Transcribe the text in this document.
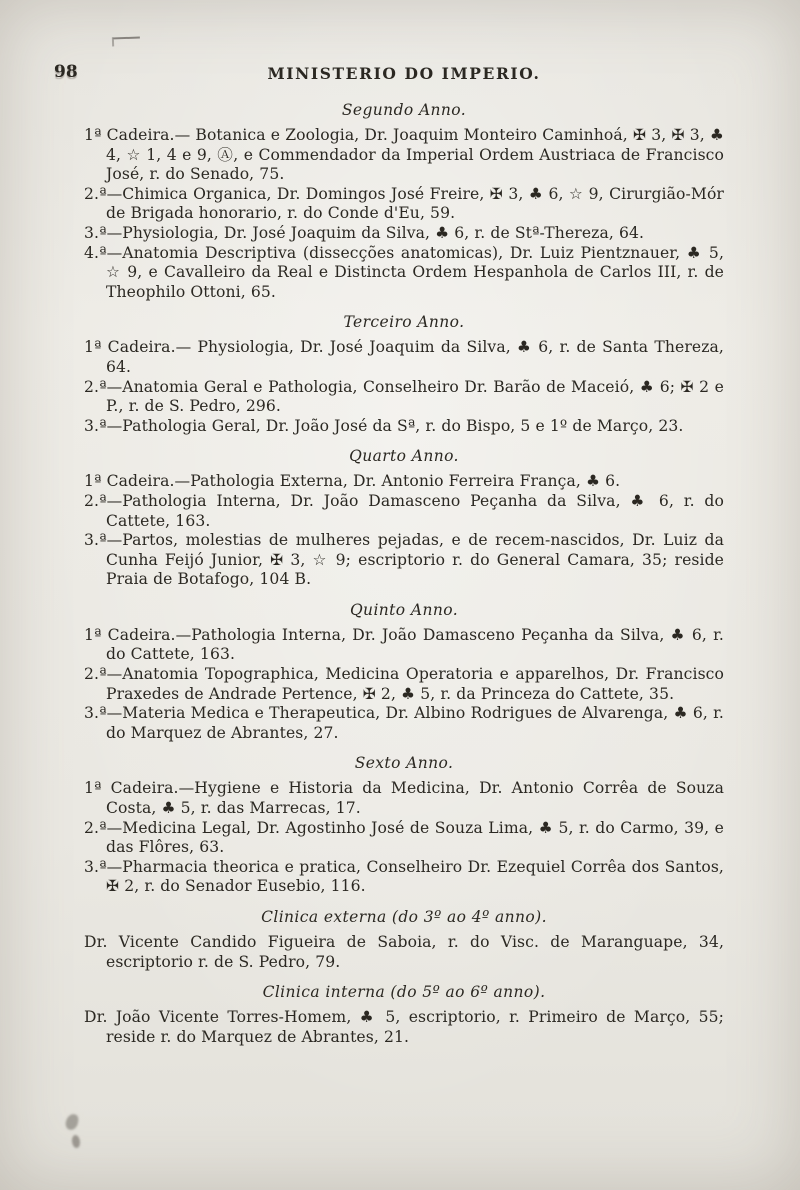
98	MINISTERIO DO IMPERIO.
Segundo Anno.

1ª Cadeira.— Botanica e Zoologia, Dr. Joaquim Monteiro Caminhoá, ✠ 3, ✠ 3, ♣ 4, ☆ 1, 4 e 9, Ⓐ, e Commendador da Imperial Ordem Austriaca de Francisco José, r. do Senado, 75.

2.ª—Chimica Organica, Dr. Domingos José Freire, ✠ 3, ♣ 6, ☆ 9, Cirurgião-Mór de Brigada honorario, r. do Conde d'Eu, 59.

3.ª—Physiologia, Dr. José Joaquim da Silva, ♣ 6, r. de Stª-Thereza, 64.

4.ª—Anatomia Descriptiva (dissecções anatomicas), Dr. Luiz Pientznauer, ♣ 5, ☆ 9, e Cavalleiro da Real e Distincta Ordem Hespanhola de Carlos III, r. de Theophilo Ottoni, 65.

Terceiro Anno.

1ª Cadeira.— Physiologia, Dr. José Joaquim da Silva, ♣ 6, r. de Santa Thereza, 64.

2.ª—Anatomia Geral e Pathologia, Conselheiro Dr. Barão de Maceió, ♣ 6; ✠ 2 e P., r. de S. Pedro, 296.

3.ª—Pathologia Geral, Dr. João José da Sª, r. do Bispo, 5 e 1º de Março, 23.

Quarto Anno.

1ª Cadeira.—Pathologia Externa, Dr. Antonio Ferreira França, ♣ 6.

2.ª—Pathologia Interna, Dr. João Damasceno Peçanha da Silva, ♣ 6, r. do Cattete, 163.

3.ª—Partos, molestias de mulheres pejadas, e de recem-nascidos, Dr. Luiz da Cunha Feijó Junior, ✠ 3, ☆ 9; escriptorio r. do General Camara, 35; reside Praia de Botafogo, 104 B.

Quinto Anno.

1ª Cadeira.—Pathologia Interna, Dr. João Damasceno Peçanha da Silva, ♣ 6, r. do Cattete, 163.

2.ª—Anatomia Topographica, Medicina Operatoria e apparelhos, Dr. Francisco Praxedes de Andrade Pertence, ✠ 2, ♣ 5, r. da Princeza do Cattete, 35.

3.ª—Materia Medica e Therapeutica, Dr. Albino Rodrigues de Alvarenga, ♣ 6, r. do Marquez de Abrantes, 27.

Sexto Anno.

1ª Cadeira.—Hygiene e Historia da Medicina, Dr. Antonio Corrêa de Souza Costa, ♣ 5, r. das Marrecas, 17.

2.ª—Medicina Legal, Dr. Agostinho José de Souza Lima, ♣ 5, r. do Carmo, 39, e das Flôres, 63.

3.ª—Pharmacia theorica e pratica, Conselheiro Dr. Ezequiel Corrêa dos Santos, ✠ 2, r. do Senador Eusebio, 116.

Clinica externa (do 3º ao 4º anno).

Dr. Vicente Candido Figueira de Saboia, r. do Visc. de Maranguape, 34, escriptorio r. de S. Pedro, 79.

Clinica interna (do 5º ao 6º anno).

Dr. João Vicente Torres-Homem, ♣ 5, escriptorio, r. Primeiro de Março, 55; reside r. do Marquez de Abrantes, 21.
